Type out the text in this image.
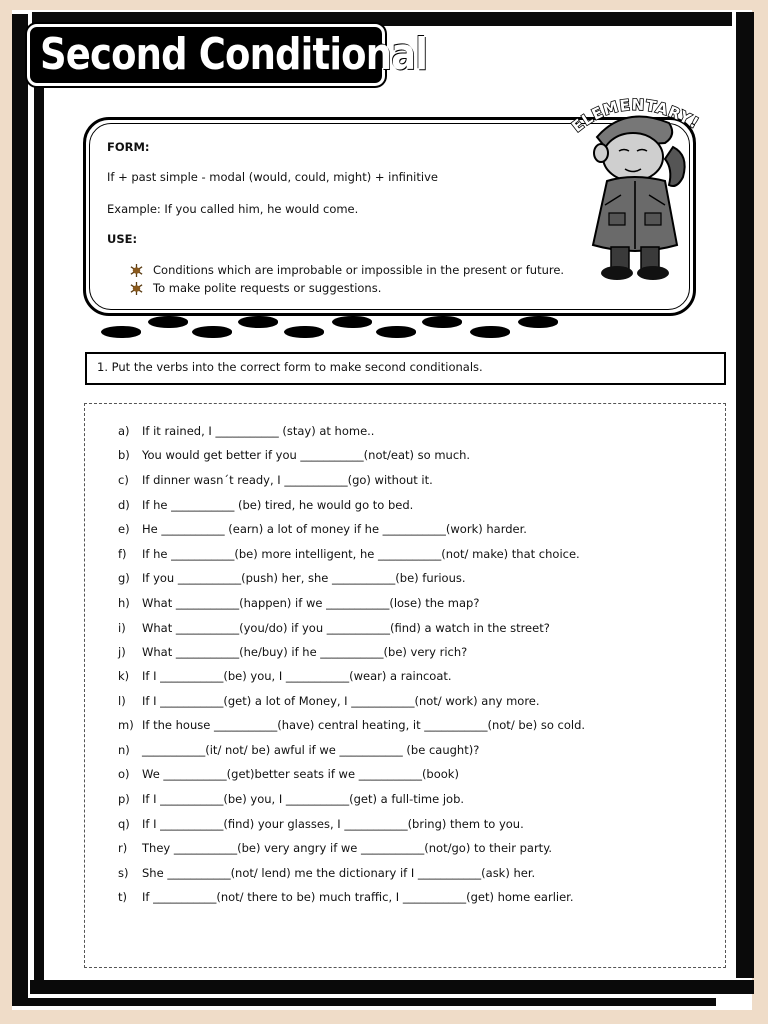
Second Conditional
FORM:
If + past simple - modal (would, could, might) + infinitive
Example: If you called him, he would come.
USE:
Conditions which are improbable or impossible in the present or future.
To make polite requests or suggestions.
ELEMENTARY!
1. Put the verbs into the correct form to make second conditionals.
a) If it rained, I ___________ (stay) at home..
b) You would get better if you ___________(not/eat) so much.
c) If dinner wasn´t ready, I ___________(go) without it.
d) If he ___________ (be) tired, he would go to bed.
e) He ___________ (earn) a lot of money if he ___________(work) harder.
f) If he ___________(be) more intelligent, he ___________(not/ make) that choice.
g) If you ___________(push) her, she ___________(be) furious.
h) What ___________(happen) if we ___________(lose) the map?
i) What ___________(you/do) if you ___________(find) a watch in the street?
j) What ___________(he/buy) if he ___________(be) very rich?
k) If I ___________(be) you, I ___________(wear) a raincoat.
l) If I ___________(get) a lot of Money, I ___________(not/ work) any more.
m) If the house ___________(have) central heating, it ___________(not/ be) so cold.
n) ___________(it/ not/ be) awful if we ___________ (be caught)?
o) We ___________(get)better seats if we ___________(book)
p) If I ___________(be) you, I ___________(get) a full-time job.
q) If I ___________(find) your glasses, I ___________(bring) them to you.
r) They ___________(be) very angry if we ___________(not/go) to their party.
s) She ___________(not/ lend) me the dictionary if I ___________(ask) her.
t) If ___________(not/ there to be) much traffic, I ___________(get) home earlier.
